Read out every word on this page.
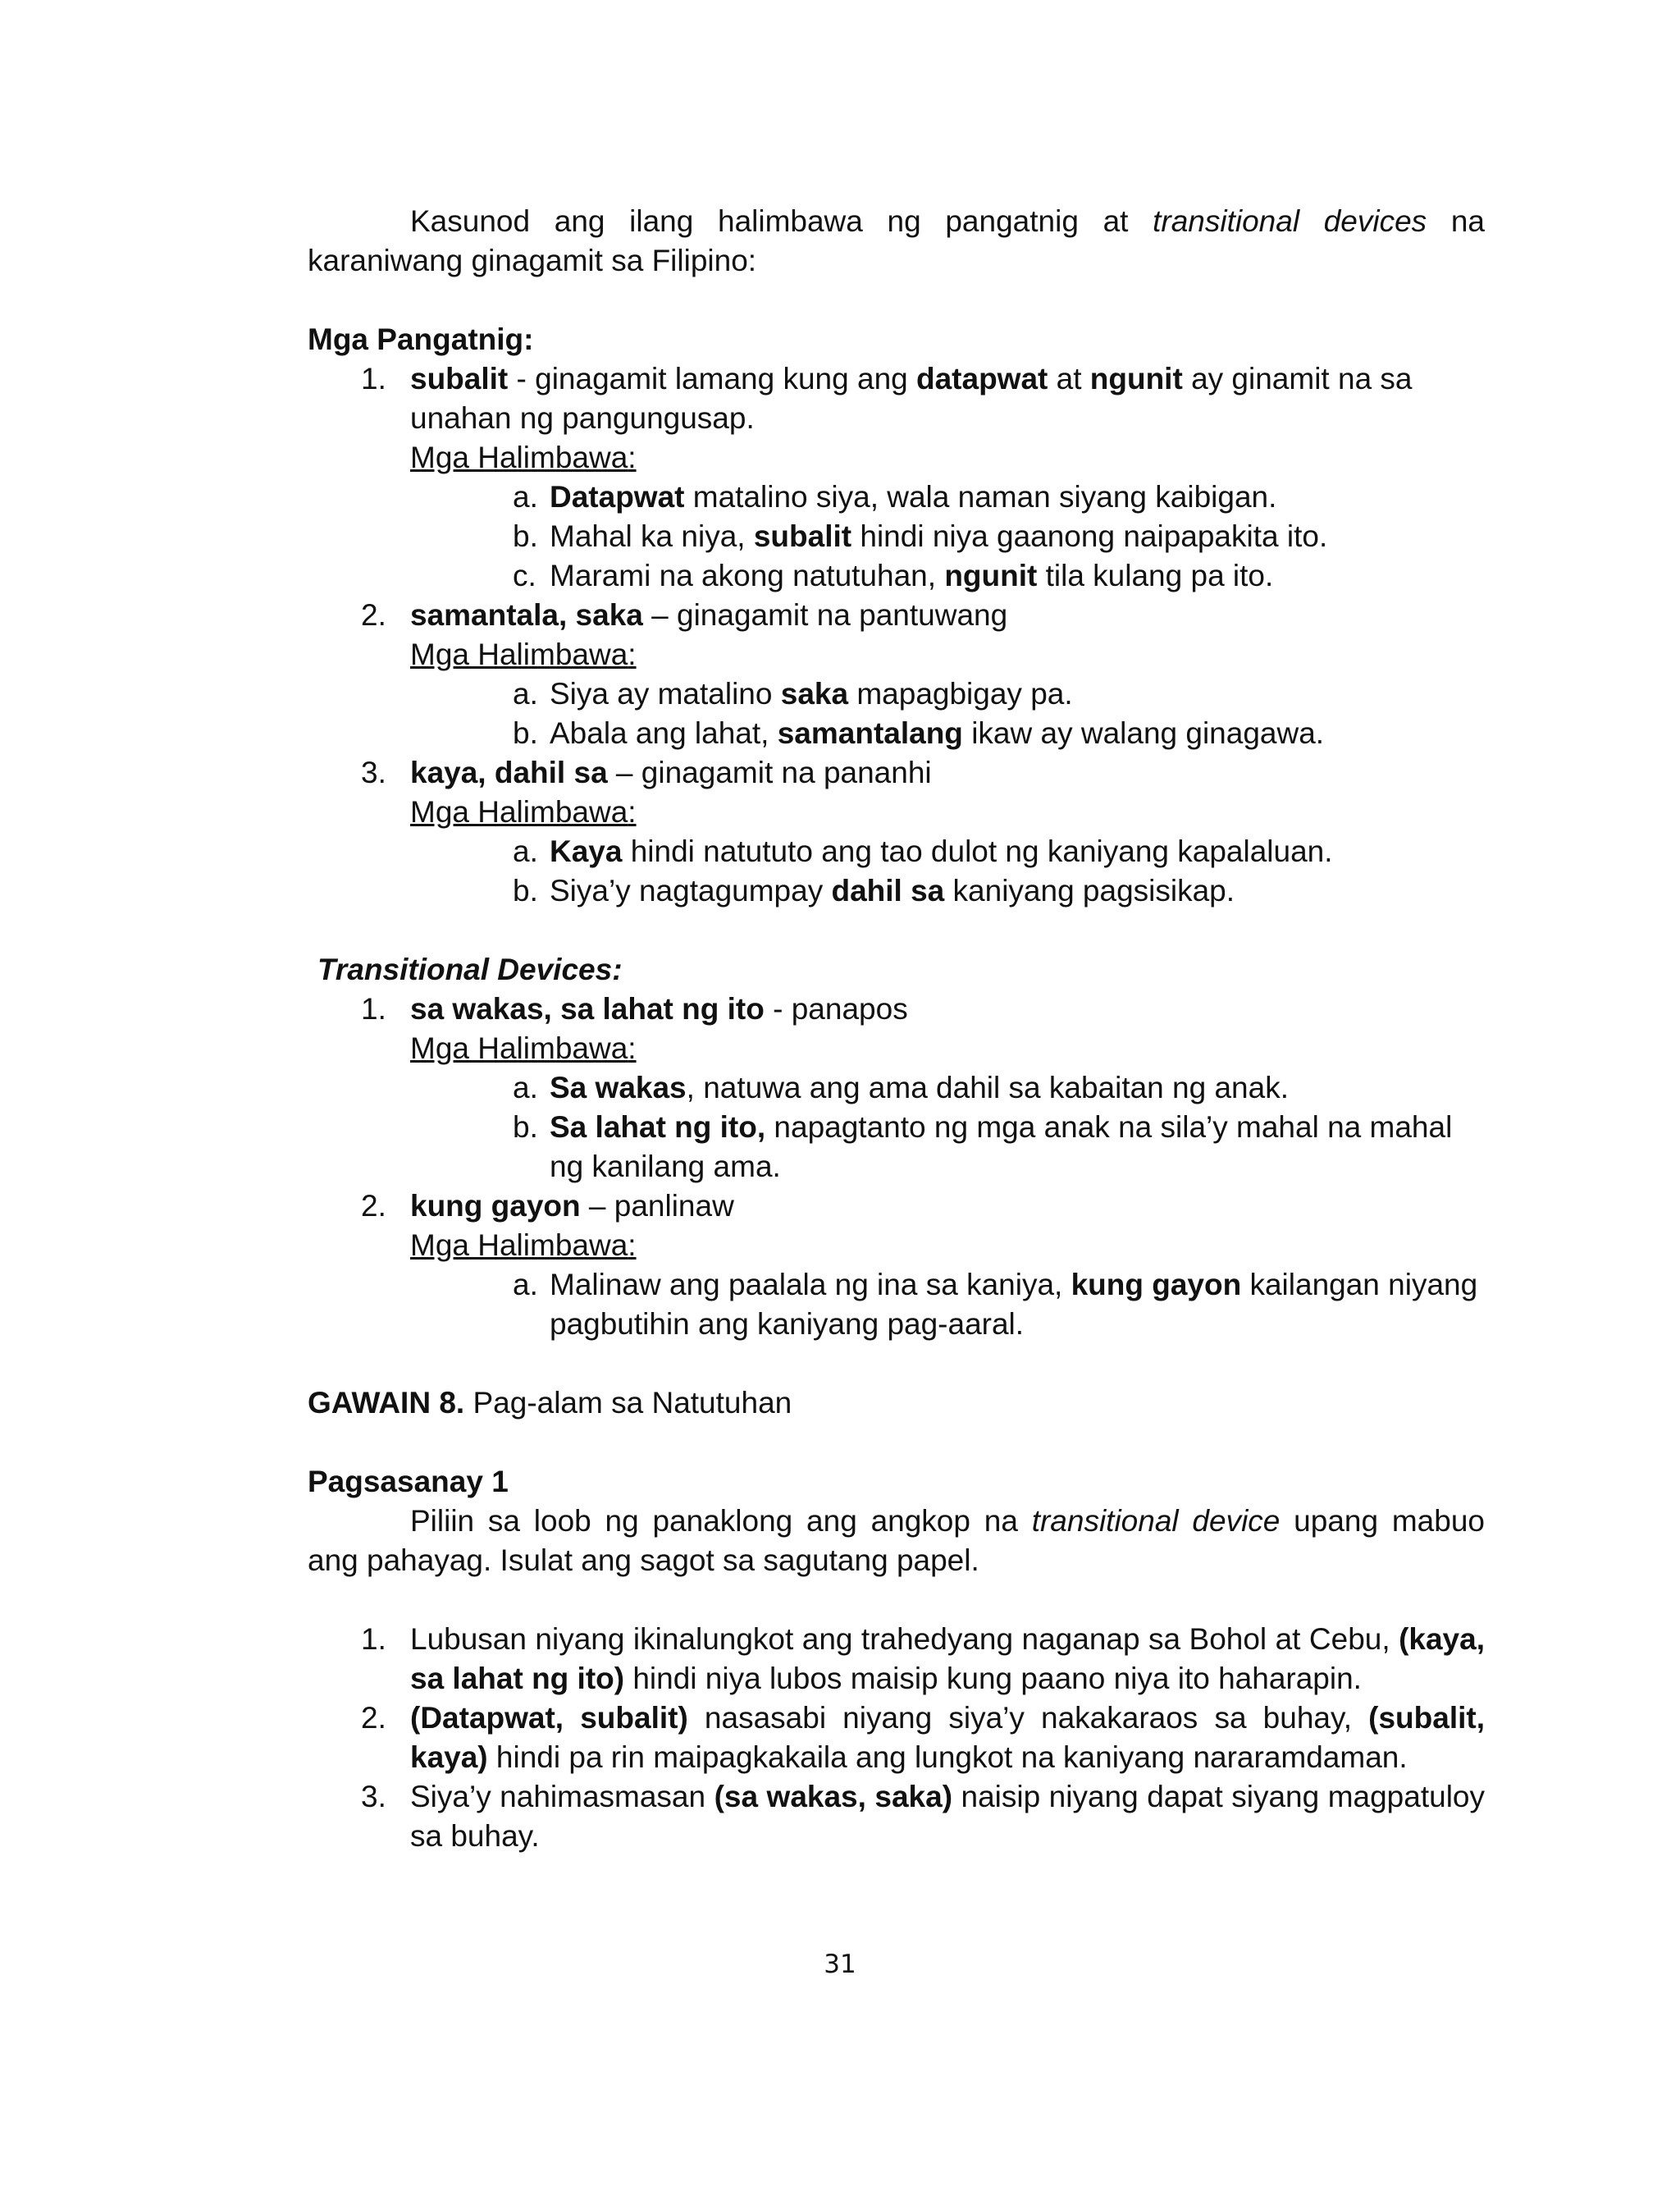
Kasunod ang ilang halimbawa ng pangatnig at transitional devices na karaniwang ginagamit sa Filipino:

Mga Pangatnig:

1. subalit - ginagamit lamang kung ang datapwat at ngunit ay ginamit na sa unahan ng pangungusap.

Mga Halimbawa:

a. Datapwat matalino siya, wala naman siyang kaibigan.
b. Mahal ka niya, subalit hindi niya gaanong naipapakita ito.
c. Marami na akong natutuhan, ngunit tila kulang pa ito.
2. samantala, saka – ginagamit na pantuwang

Mga Halimbawa:

a. Siya ay matalino saka mapagbigay pa.
b. Abala ang lahat, samantalang ikaw ay walang ginagawa.
3. kaya, dahil sa – ginagamit na pananhi

Mga Halimbawa:

a. Kaya hindi natututo ang tao dulot ng kaniyang kapalaluan.
b. Siya’y nagtagumpay dahil sa kaniyang pagsisikap.

Transitional Devices:

1. sa wakas, sa lahat ng ito - panapos

Mga Halimbawa:

a. Sa wakas, natuwa ang ama dahil sa kabaitan ng anak.
b. Sa lahat ng ito, napagtanto ng mga anak na sila’y mahal na mahal ng kanilang ama.
2. kung gayon – panlinaw

Mga Halimbawa:

a. Malinaw ang paalala ng ina sa kaniya, kung gayon kailangan niyang pagbutihin ang kaniyang pag-aaral.

GAWAIN 8. Pag-alam sa Natutuhan

Pagsasanay 1

Piliin sa loob ng panaklong ang angkop na transitional device upang mabuo ang pahayag. Isulat ang sagot sa sagutang papel.

1. Lubusan niyang ikinalungkot ang trahedyang naganap sa Bohol at Cebu, (kaya, sa lahat ng ito) hindi niya lubos maisip kung paano niya ito haharapin.

2. (Datapwat, subalit) nasasabi niyang siya’y nakakaraos sa buhay, (subalit, kaya) hindi pa rin maipagkakaila ang lungkot na kaniyang nararamdaman.

3. Siya’y nahimasmasan (sa wakas, saka) naisip niyang dapat siyang magpatuloy sa buhay.

31
